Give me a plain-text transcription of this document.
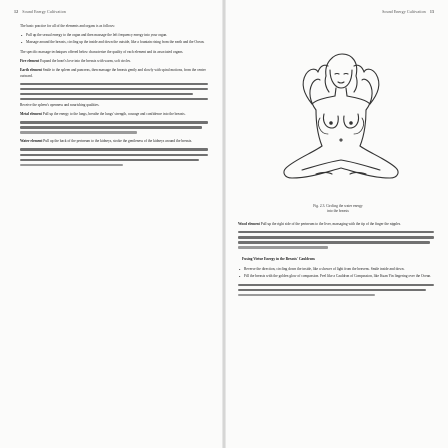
12 Sound Energy Cultivation
The basic practice for all of the elements and organs is as follows:
• Pull up the sexual energy to the organ and then massage the left frequency energy into your organ.
• Massage around the breasts, circling up the inside and down the outside, like a fountain rising from the earth and the Ocean.
The specific massage techniques offered below characterize the quality of each element and its associated organs.
Fire element Expand the heart's love into the breasts with warm, soft circles.
Earth element Smile to the spleen and pancreas, then massage the breasts gently and slowly with spiral motions, from the center outward.
Receive the spleen's openness and nourishing qualities.
Metal element Pull up the energy to the lungs, breathe the lungs' strength, courage and confidence into the breasts.
Water element Pull up the back of the perineum to the kidneys, stroke the gentleness of the kidneys around the breasts.
Sound Energy Cultivation 13
Fig. 2.3. Circling the water energy
into the breasts
Wood element Pull up the right side of the perineum to the liver, massaging with the tip of the finger the nipples.
Fusing Virtue Energy in the Breasts' Cauldrons
• Reverse the direction, circling down the inside, like a shower of light from the heavens. Smile inside and down.
• Fill the breasts with the golden glow of compassion. Feel like a Cauldron of Compassion, like Kuan Yin lingering over the Ocean.
